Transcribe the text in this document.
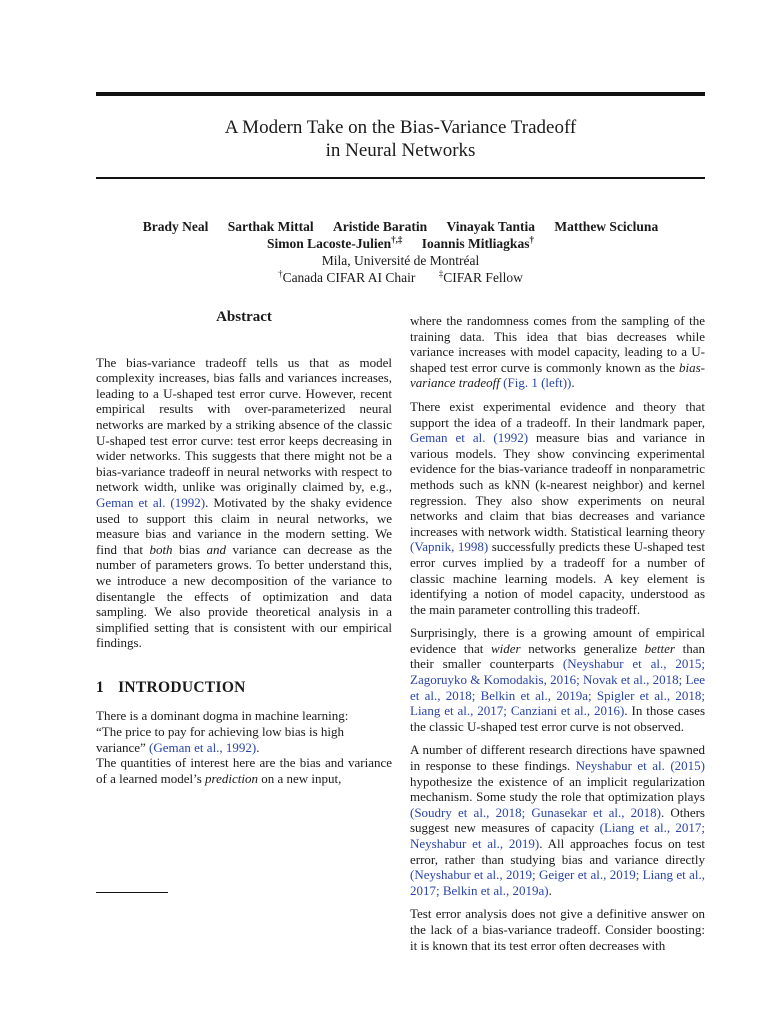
A Modern Take on the Bias-Variance Tradeoff
in Neural Networks
Brady Neal Sarthak Mittal Aristide Baratin Vinayak Tantia Matthew Scicluna
Simon Lacoste-Julien†,‡ Ioannis Mitliagkas†
Mila, Université de Montréal
†Canada CIFAR AI Chair	‡CIFAR Fellow
Abstract

The bias-variance tradeoff tells us that as model complexity increases, bias falls and variances increases, leading to a U-shaped test error curve. However, recent empirical results with over-parameterized neural networks are marked by a striking absence of the classic U-shaped test error curve: test error keeps decreasing in wider networks. This suggests that there might not be a bias-variance tradeoff in neural networks with respect to network width, unlike was originally claimed by, e.g., Geman et al. (1992). Motivated by the shaky evidence used to support this claim in neural networks, we measure bias and variance in the modern setting. We find that both bias and variance can decrease as the number of parameters grows. To better understand this, we introduce a new decomposition of the variance to disentangle the effects of optimization and data sampling. We also provide theoretical analysis in a simplified setting that is consistent with our empirical findings.

1 INTRODUCTION

There is a dominant dogma in machine learning:

“The price to pay for achieving low bias is high variance” (Geman et al., 1992).

The quantities of interest here are the bias and variance of a learned model’s prediction on a new input,

where the randomness comes from the sampling of the training data. This idea that bias decreases while variance increases with model capacity, leading to a U-shaped test error curve is commonly known as the bias-variance tradeoff (Fig. 1 (left)).

There exist experimental evidence and theory that support the idea of a tradeoff. In their landmark paper, Geman et al. (1992) measure bias and variance in various models. They show convincing experimental evidence for the bias-variance tradeoff in nonparametric methods such as kNN (k-nearest neighbor) and kernel regression. They also show experiments on neural networks and claim that bias decreases and variance increases with network width. Statistical learning theory (Vapnik, 1998) successfully predicts these U-shaped test error curves implied by a tradeoff for a number of classic machine learning models. A key element is identifying a notion of model capacity, understood as the main parameter controlling this tradeoff.

Surprisingly, there is a growing amount of empirical evidence that wider networks generalize better than their smaller counterparts (Neyshabur et al., 2015; Zagoruyko & Komodakis, 2016; Novak et al., 2018; Lee et al., 2018; Belkin et al., 2019a; Spigler et al., 2018; Liang et al., 2017; Canziani et al., 2016). In those cases the classic U-shaped test error curve is not observed.

A number of different research directions have spawned in response to these findings. Neyshabur et al. (2015) hypothesize the existence of an implicit regularization mechanism. Some study the role that optimization plays (Soudry et al., 2018; Gunasekar et al., 2018). Others suggest new measures of capacity (Liang et al., 2017; Neyshabur et al., 2019). All approaches focus on test error, rather than studying bias and variance directly (Neyshabur et al., 2019; Geiger et al., 2019; Liang et al., 2017; Belkin et al., 2019a).

Test error analysis does not give a definitive answer on the lack of a bias-variance tradeoff. Consider boosting: it is known that its test error often decreases with
